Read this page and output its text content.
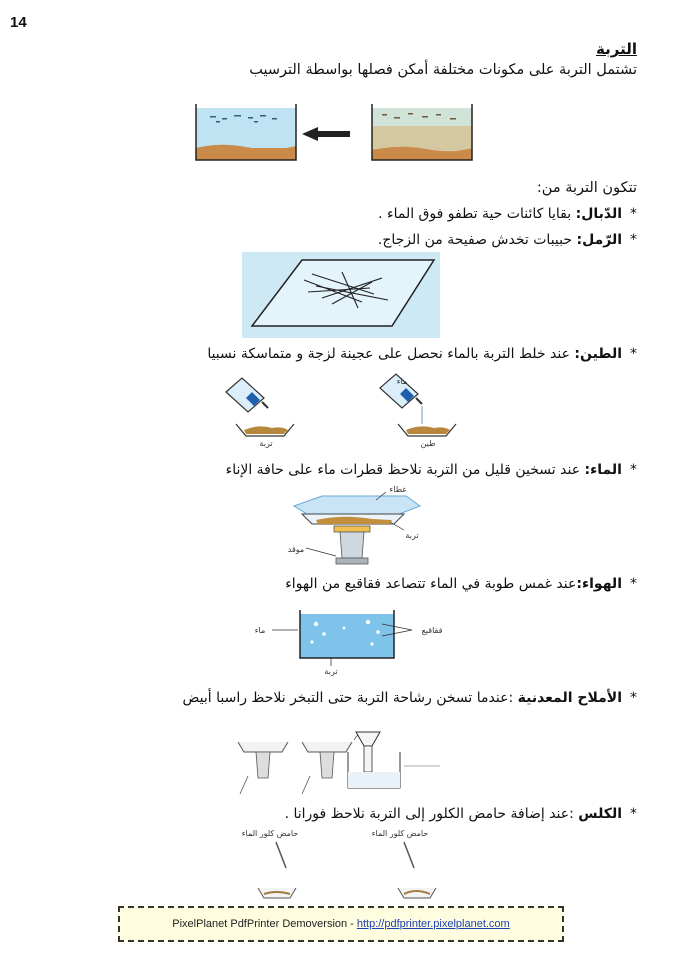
14
التربة
تشتمل التربة على مكونات مختلفة أمكن فصلها بواسطة الترسيب
تتكون التربة من:
*الدّبال: بقايا كائنات حية تطفو فوق الماء .
*الرّمل: حبيبات تخدش صفيحة من الزجاج.
*الطين: عند خلط التربة بالماء نحصل على عجينة لزجة و متماسكة نسبيا
تربة
ماء
طين
*الماء: عند تسخين قليل من التربة نلاحظ قطرات ماء على حافة الإناء
غطاء
تربة
موقد
*الهواء:عند غمس طوبة في الماء تتصاعد فقاقيع من الهواء
ماء	فقاقيع
تربة
*الأملاح المعدنية :عندما تسخن رشاحة التربة حتى التبخر نلاحظ راسبا أبيض
*الكلس :عند إضافة حامض الكلور إلى التربة نلاحظ فورانا .
حامض كلور الماء	حامض كلور الماء
PixelPlanet PdfPrinter Demoversion - http://pdfprinter.pixelplanet.com
